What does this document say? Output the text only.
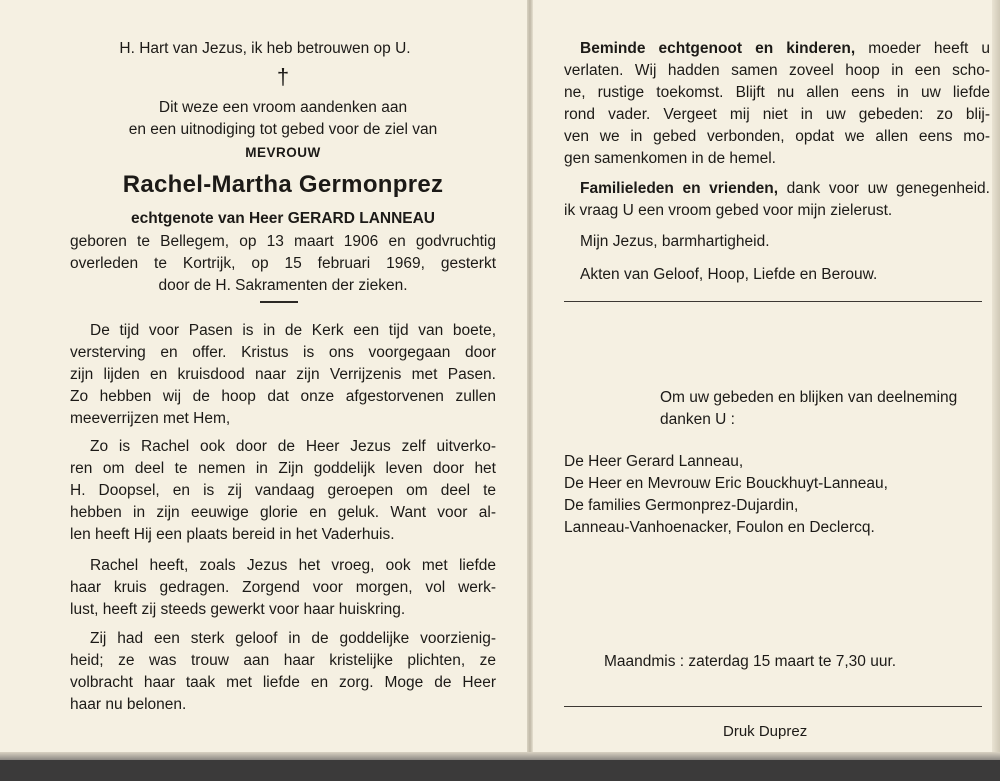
H. Hart van Jezus, ik heb betrouwen op U.

†

Dit weze een vroom aandenken aan

en een uitnodiging tot gebed voor de ziel van

MEVROUW

Rachel-Martha Germonprez

echtgenote van Heer GERARD LANNEAU

geboren te Bellegem, op 13 maart 1906 en godvruchtig

overleden te Kortrijk, op 15 februari 1969, gesterkt

door de H. Sakramenten der zieken.

De tijd voor Pasen is in de Kerk een tijd van boete,

versterving en offer. Kristus is ons voorgegaan door

zijn lijden en kruisdood naar zijn Verrijzenis met Pasen.

Zo hebben wij de hoop dat onze afgestorvenen zullen

meeverrijzen met Hem,

Zo is Rachel ook door de Heer Jezus zelf uitverko-

ren om deel te nemen in Zijn goddelijk leven door het

H. Doopsel, en is zij vandaag geroepen om deel te

hebben in zijn eeuwige glorie en geluk. Want voor al-

len heeft Hij een plaats bereid in het Vaderhuis.

Rachel heeft, zoals Jezus het vroeg, ook met liefde

haar kruis gedragen. Zorgend voor morgen, vol werk-

lust, heeft zij steeds gewerkt voor haar huiskring.

Zij had een sterk geloof in de goddelijke voorzienig-

heid; ze was trouw aan haar kristelijke plichten, ze

volbracht haar taak met liefde en zorg. Moge de Heer

haar nu belonen.

Beminde echtgenoot en kinderen, moeder heeft u

verlaten. Wij hadden samen zoveel hoop in een scho-

ne, rustige toekomst. Blijft nu allen eens in uw liefde

rond vader. Vergeet mij niet in uw gebeden: zo blij-

ven we in gebed verbonden, opdat we allen eens mo-

gen samenkomen in de hemel.

Familieleden en vrienden, dank voor uw genegenheid.

ik vraag U een vroom gebed voor mijn zielerust.

Mijn Jezus, barmhartigheid.

Akten van Geloof, Hoop, Liefde en Berouw.

Om uw gebeden en blijken van deelneming

danken U :

De Heer Gerard Lanneau,

De Heer en Mevrouw Eric Bouckhuyt-Lanneau,

De families Germonprez-Dujardin,

Lanneau-Vanhoenacker, Foulon en Declercq.

Maandmis : zaterdag 15 maart te 7,30 uur.

Druk Duprez
